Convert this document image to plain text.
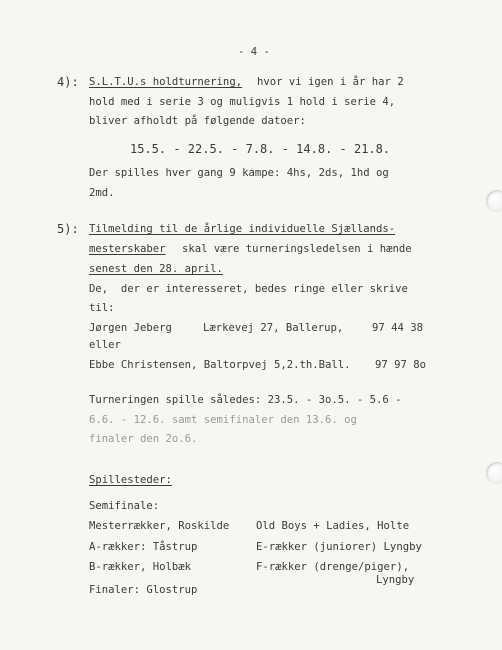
- 4 -
4): S.L.T.U.s holdturnering, hvor vi igen i år har 2
hold med i serie 3 og muligvis 1 hold i serie 4,
bliver afholdt på følgende datoer:
15.5. - 22.5. - 7.8. - 14.8. - 21.8.
Der spilles hver gang 9 kampe: 4hs, 2ds, 1hd og
2md.
5): Tilmelding til de årlige individuelle Sjællands-
mesterskaber skal være turneringsledelsen i hænde
senest den 28. april.
De,  der er interesseret, bedes ringe eller skrive
til:
Jørgen Jeberg	Lærkevej 27, Ballerup,	97 44 38
eller
Ebbe Christensen, Baltorpvej 5,2.th.Ball. 97 97 8o
Turneringen spille således: 23.5. - 3o.5. - 5.6 -
6.6. - 12.6. samt semifinaler den 13.6. og
finaler den 2o.6.
Spillesteder:
Semifinale:
Mesterrækker, Roskilde	Old Boys + Ladies, Holte
A-rækker: Tåstrup	E-rækker (juniorer) Lyngby
B-rækker, Holbæk	F-rækker (drenge/piger),
Lyngby
Finaler: Glostrup
